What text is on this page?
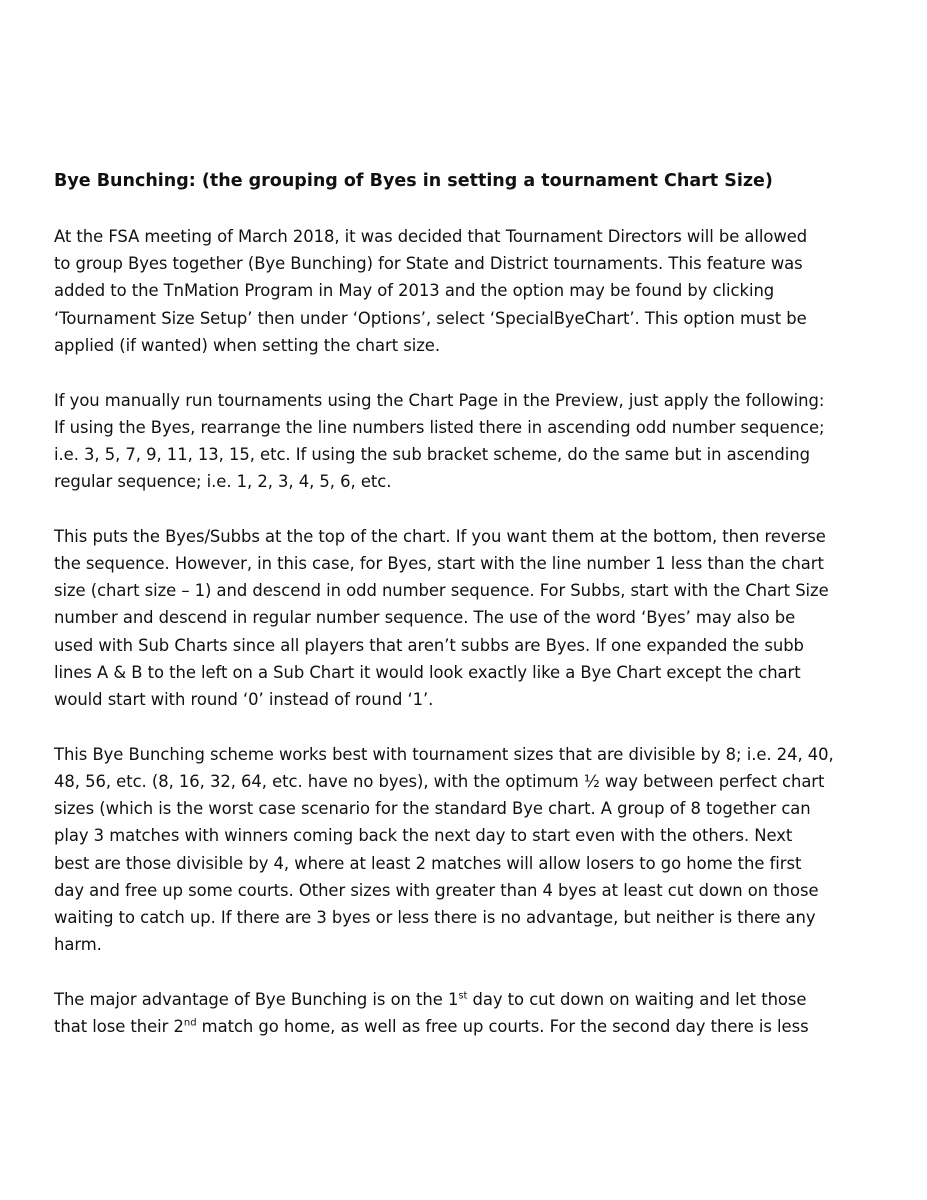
Bye Bunching: (the grouping of Byes in setting a tournament Chart Size)
At the FSA meeting of March 2018, it was decided that Tournament Directors will be allowed
to group Byes together (Bye Bunching) for State and District tournaments. This feature was
added to the TnMation Program in May of 2013 and the option may be found by clicking
‘Tournament Size Setup’ then under ‘Options’, select ‘SpecialByeChart’. This option must be
applied (if wanted) when setting the chart size.
If you manually run tournaments using the Chart Page in the Preview, just apply the following:
If using the Byes, rearrange the line numbers listed there in ascending odd number sequence;
i.e. 3, 5, 7, 9, 11, 13, 15, etc. If using the sub bracket scheme, do the same but in ascending
regular sequence; i.e. 1, 2, 3, 4, 5, 6, etc.
This puts the Byes/Subbs at the top of the chart. If you want them at the bottom, then reverse
the sequence. However, in this case, for Byes, start with the line number 1 less than the chart
size (chart size – 1) and descend in odd number sequence. For Subbs, start with the Chart Size
number and descend in regular number sequence. The use of the word ‘Byes’ may also be
used with Sub Charts since all players that aren’t subbs are Byes. If one expanded the subb
lines A & B to the left on a Sub Chart it would look exactly like a Bye Chart except the chart
would start with round ‘0’ instead of round ‘1’.
This Bye Bunching scheme works best with tournament sizes that are divisible by 8; i.e. 24, 40,
48, 56, etc. (8, 16, 32, 64, etc. have no byes), with the optimum ½ way between perfect chart
sizes (which is the worst case scenario for the standard Bye chart. A group of 8 together can
play 3 matches with winners coming back the next day to start even with the others. Next
best are those divisible by 4, where at least 2 matches will allow losers to go home the first
day and free up some courts. Other sizes with greater than 4 byes at least cut down on those
waiting to catch up. If there are 3 byes or less there is no advantage, but neither is there any
harm.
The major advantage of Bye Bunching is on the 1st day to cut down on waiting and let those
that lose their 2nd match go home, as well as free up courts. For the second day there is less
